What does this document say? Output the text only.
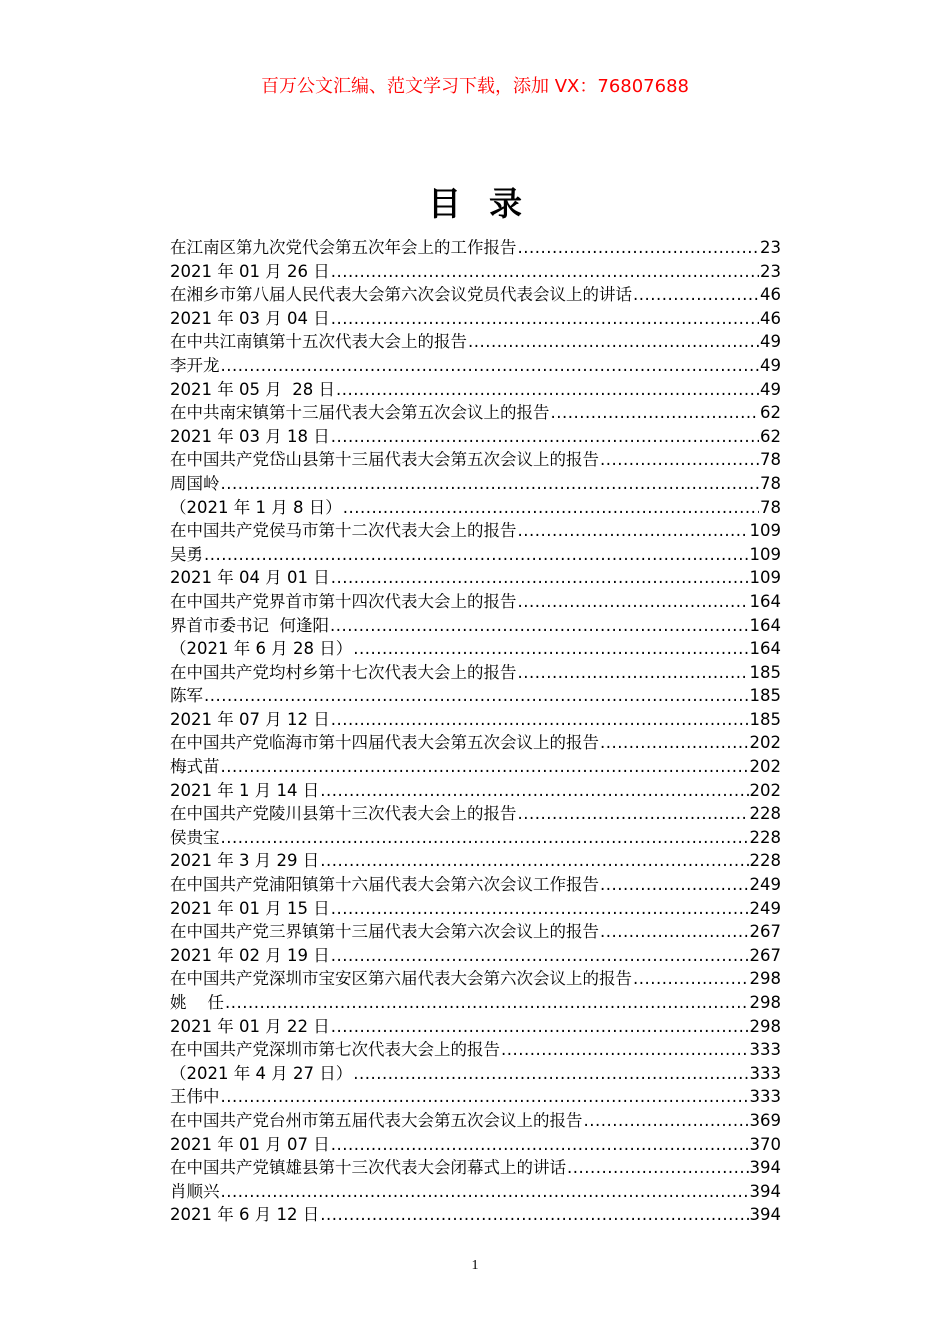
百万公文汇编、范文学习下载，添加 VX：76807688
目录
在江南区第九次党代会第五次年会上的工作报告 .....	23
2021 年 01 月 26 日 .....	23
在湘乡市第八届人民代表大会第六次会议党员代表会议上的讲话 .....	46
2021 年 03 月 04 日 .....	46
在中共江南镇第十五次代表大会上的报告 .....	49
李开龙 .....	49
2021 年 05 月  28 日 .....	49
在中共南宋镇第十三届代表大会第五次会议上的报告 .....	62
2021 年 03 月 18 日 .....	62
在中国共产党岱山县第十三届代表大会第五次会议上的报告 .....	78
周国岭 .....	78
（2021 年 1 月 8 日） .....	78
在中国共产党侯马市第十二次代表大会上的报告 .....	109
吴勇 .....	109
2021 年 04 月 01 日 .....	109
在中国共产党界首市第十四次代表大会上的报告 .....	164
界首市委书记  何逢阳 .....	164
（2021 年 6 月 28 日） .....	164
在中国共产党均村乡第十七次代表大会上的报告 .....	185
陈军 .....	185
2021 年 07 月 12 日 .....	185
在中国共产党临海市第十四届代表大会第五次会议上的报告 .....	202
梅式苗 .....	202
2021 年 1 月 14 日 .....	202
在中国共产党陵川县第十三次代表大会上的报告 .....	228
侯贵宝 .....	228
2021 年 3 月 29 日 .....	228
在中国共产党浦阳镇第十六届代表大会第六次会议工作报告 .....	249
2021 年 01 月 15 日 .....	249
在中国共产党三界镇第十三届代表大会第六次会议上的报告 .....	267
2021 年 02 月 19 日 .....	267
在中国共产党深圳市宝安区第六届代表大会第六次会议上的报告 .....	298
姚    任 .....	298
2021 年 01 月 22 日 .....	298
在中国共产党深圳市第七次代表大会上的报告 .....	333
（2021 年 4 月 27 日） .....	333
王伟中 .....	333
在中国共产党台州市第五届代表大会第五次会议上的报告 .....	369
2021 年 01 月 07 日 .....	370
在中国共产党镇雄县第十三次代表大会闭幕式上的讲话 .....	394
肖顺兴 .....	394
2021 年 6 月 12 日 .....	394
1
